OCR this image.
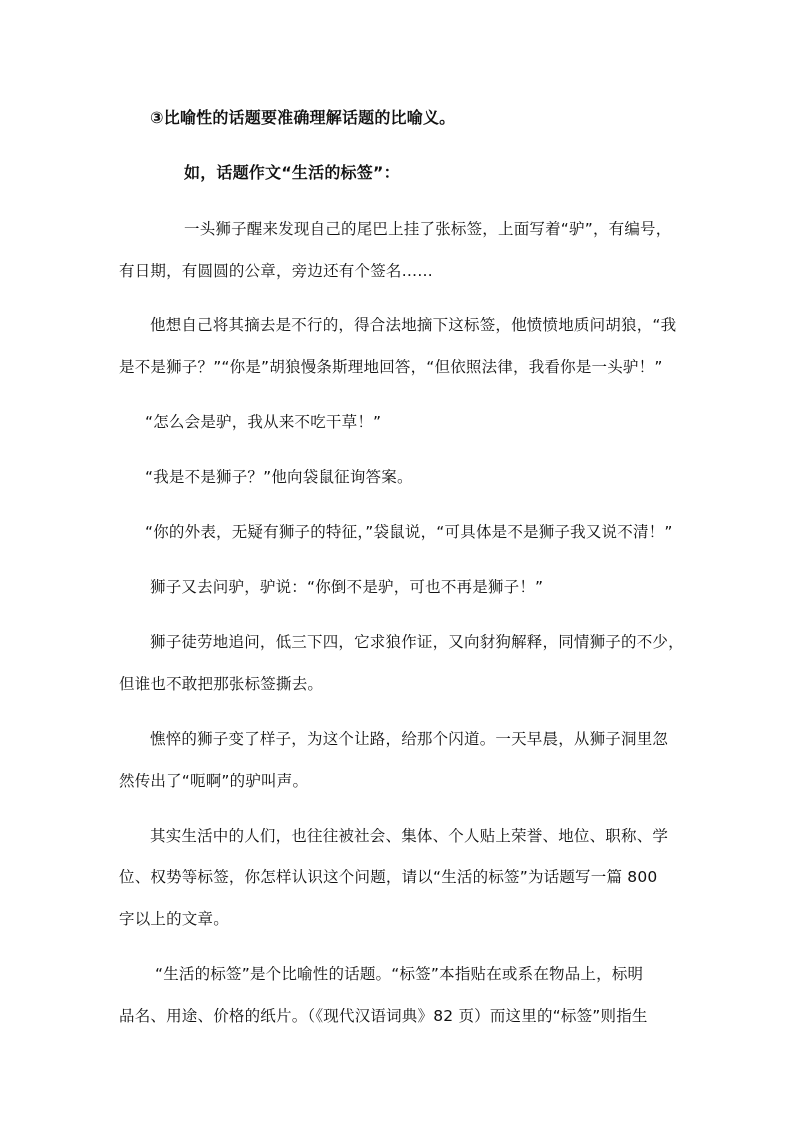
③比喻性的话题要准确理解话题的比喻义。
如，话题作文“生活的标签”：
一头狮子醒来发现自己的尾巴上挂了张标签，上面写着“驴”，有编号，
有日期，有圆圆的公章，旁边还有个签名……
他想自己将其摘去是不行的，得合法地摘下这标签，他愤愤地质问胡狼，“我
是不是狮子？”“你是”胡狼慢条斯理地回答，“但依照法律，我看你是一头驴！”
“怎么会是驴，我从来不吃干草！”
“我是不是狮子？”他向袋鼠征询答案。
“你的外表，无疑有狮子的特征，”袋鼠说，“可具体是不是狮子我又说不清！”
狮子又去问驴，驴说：“你倒不是驴，可也不再是狮子！”
狮子徒劳地追问，低三下四，它求狼作证，又向豺狗解释，同情狮子的不少，
但谁也不敢把那张标签撕去。
憔悴的狮子变了样子，为这个让路，给那个闪道。一天早晨，从狮子洞里忽
然传出了“呃啊”的驴叫声。
其实生活中的人们，也往往被社会、集体、个人贴上荣誉、地位、职称、学
位、权势等标签，你怎样认识这个问题，请以“生活的标签”为话题写一篇 800
字以上的文章。
“生活的标签”是个比喻性的话题。“标签”本指贴在或系在物品上，标明
品名、用途、价格的纸片。（《现代汉语词典》82 页）而这里的“标签”则指生
